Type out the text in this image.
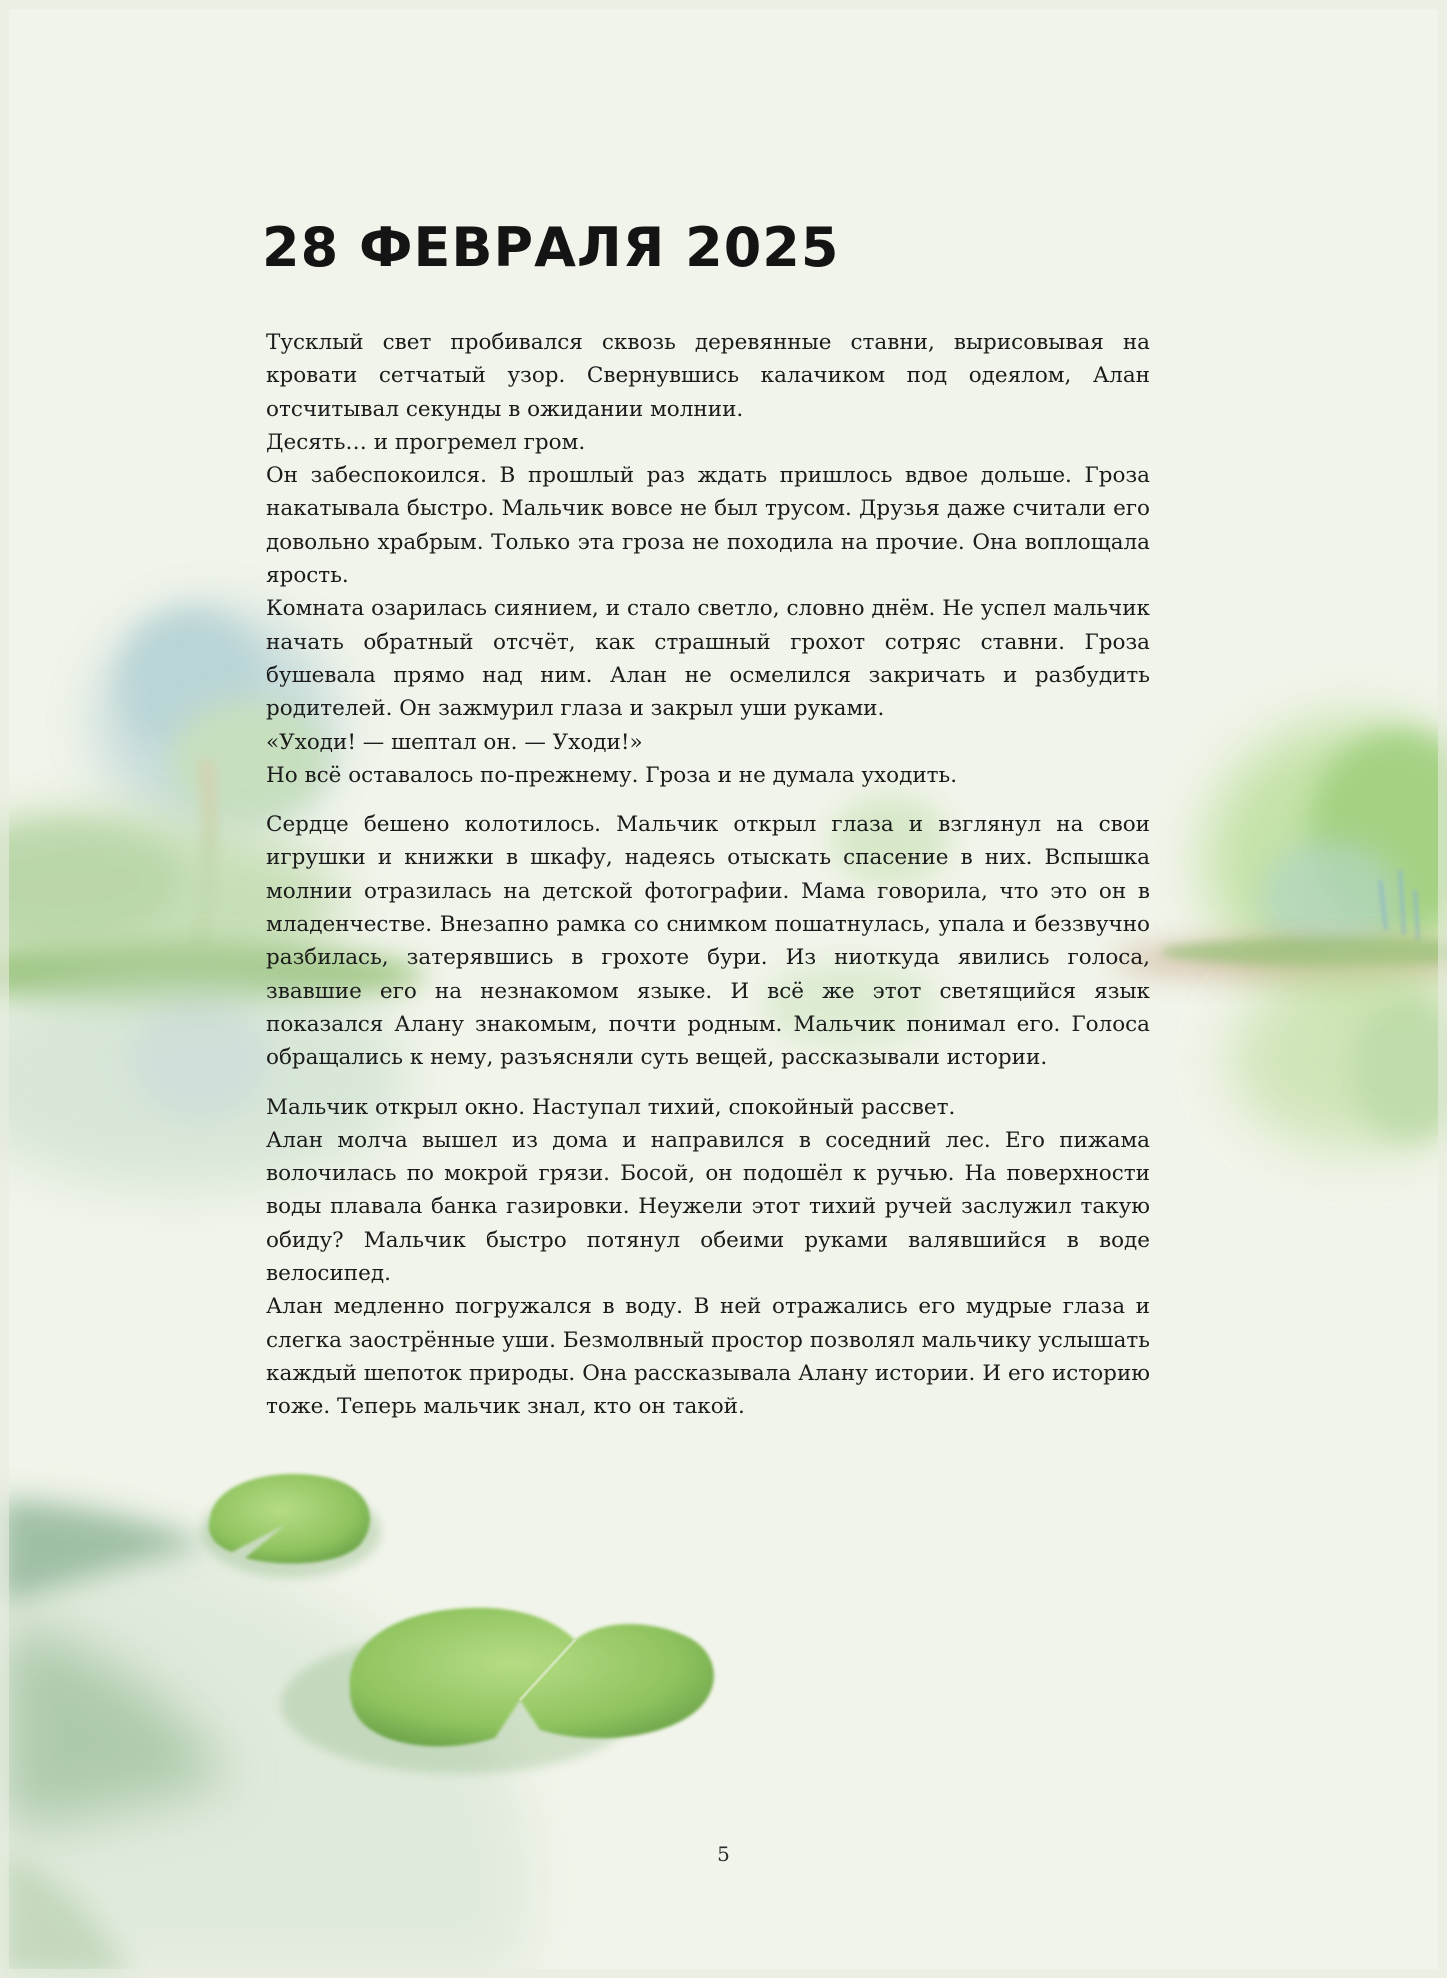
28 ФЕВРАЛЯ 2025

Тусклый свет пробивался сквозь деревянные ставни, вырисовывая на кровати сетчатый узор. Свернувшись калачиком под одеялом, Алан отсчитывал секунды в ожидании молнии.

Десять… и прогремел гром.

Он забеспокоился. В прошлый раз ждать пришлось вдвое дольше. Гроза накатывала быстро. Мальчик вовсе не был трусом. Друзья даже считали его довольно храбрым. Только эта гроза не походила на прочие. Она воплощала ярость.

Комната озарилась сиянием, и стало светло, словно днём. Не успел мальчик начать обратный отсчёт, как страшный грохот сотряс ставни. Гроза бушевала прямо над ним. Алан не осмелился закричать и разбудить родителей. Он зажмурил глаза и закрыл уши руками.

«Уходи! — шептал он. — Уходи!»

Но всё оставалось по-прежнему. Гроза и не думала уходить.

Сердце бешено колотилось. Мальчик открыл глаза и взглянул на свои игрушки и книжки в шкафу, надеясь отыскать спасение в них. Вспышка молнии отразилась на детской фотографии. Мама говорила, что это он в младенчестве. Внезапно рамка со снимком пошатнулась, упала и беззвучно разбилась, затерявшись в грохоте бури. Из ниоткуда явились голоса, звавшие его на незнакомом языке. И всё же этот светящийся язык показался Алану знакомым, почти родным. Мальчик понимал его. Голоса обращались к нему, разъясняли суть вещей, рассказывали истории.

Мальчик открыл окно. Наступал тихий, спокойный рассвет.

Алан молча вышел из дома и направился в соседний лес. Его пижама волочилась по мокрой грязи. Босой, он подошёл к ручью. На поверхности воды плавала банка газировки. Неужели этот тихий ручей заслужил такую обиду? Мальчик быстро потянул обеими руками валявшийся в воде велосипед.

Алан медленно погружался в воду. В ней отражались его мудрые глаза и слегка заострённые уши. Безмолвный простор позволял мальчику услышать каждый шепоток природы. Она рассказывала Алану истории. И его историю тоже. Теперь мальчик знал, кто он такой.

5
